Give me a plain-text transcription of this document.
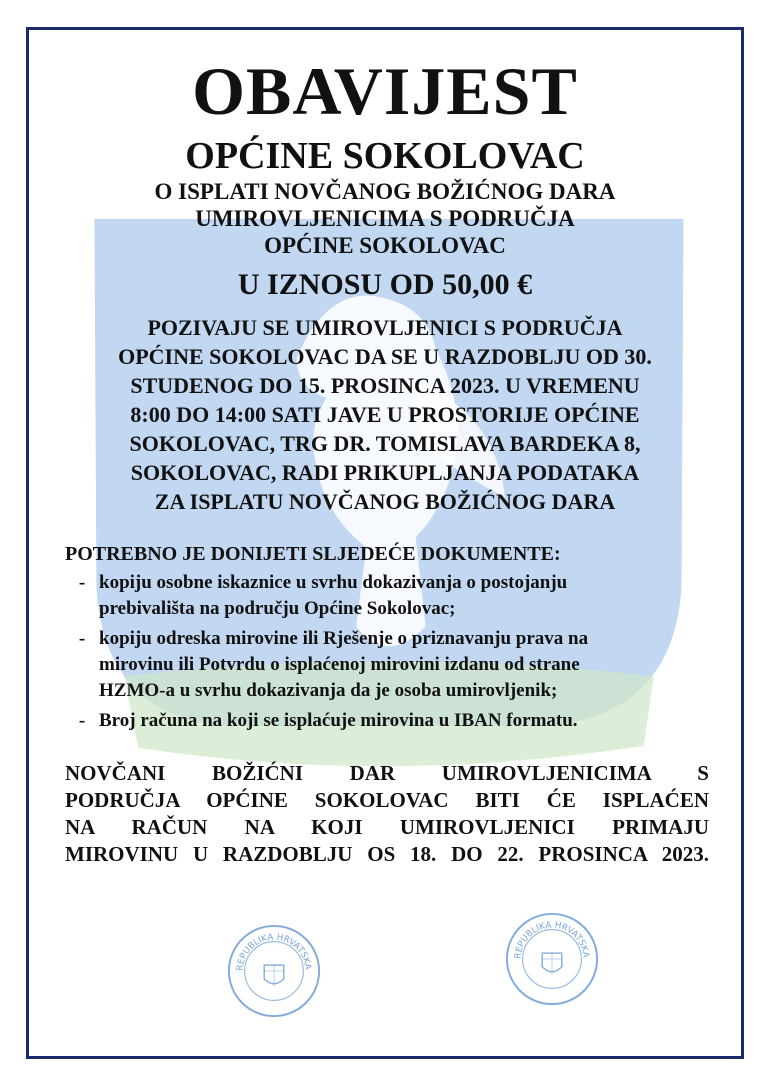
OBAVIJEST
OPĆINE SOKOLOVAC
O ISPLATI NOVČANOG BOŽIĆNOG DARA
UMIROVLJENICIMA S PODRUČJA
OPĆINE SOKOLOVAC
U IZNOSU OD 50,00 €
POZIVAJU SE UMIROVLJENICI S PODRUČJA
OPĆINE SOKOLOVAC DA SE U RAZDOBLJU OD 30.
STUDENOG DO 15. PROSINCA 2023. U VREMENU
8:00 DO 14:00 SATI JAVE U PROSTORIJE OPĆINE
SOKOLOVAC, TRG DR. TOMISLAVA BARDEKA 8,
SOKOLOVAC, RADI PRIKUPLJANJA PODATAKA
ZA ISPLATU NOVČANOG BOŽIĆNOG DARA
POTREBNO JE DONIJETI SLJEDEĆE DOKUMENTE:
- kopiju osobne iskaznice u svrhu dokazivanja o postojanju
prebivališta na području Općine Sokolovac;
- kopiju odreska mirovine ili Rješenje o priznavanju prava na
mirovinu ili Potvrdu o isplaćenoj mirovini izdanu od strane
HZMO-a u svrhu dokazivanja da je osoba umirovljenik;
- Broj računa na koji se isplaćuje mirovina u IBAN formatu.
NOVČANI BOŽIĆNI DAR UMIROVLJENICIMA S
PODRUČJA OPĆINE SOKOLOVAC BITI ĆE ISPLAĆEN
NA RAČUN NA KOJI UMIROVLJENICI PRIMAJU
MIROVINU U RAZDOBLJU OS 18. DO 22. PROSINCA 2023.
REPUBLIKA HRVATSKA
REPUBLIKA HRVATSKA
